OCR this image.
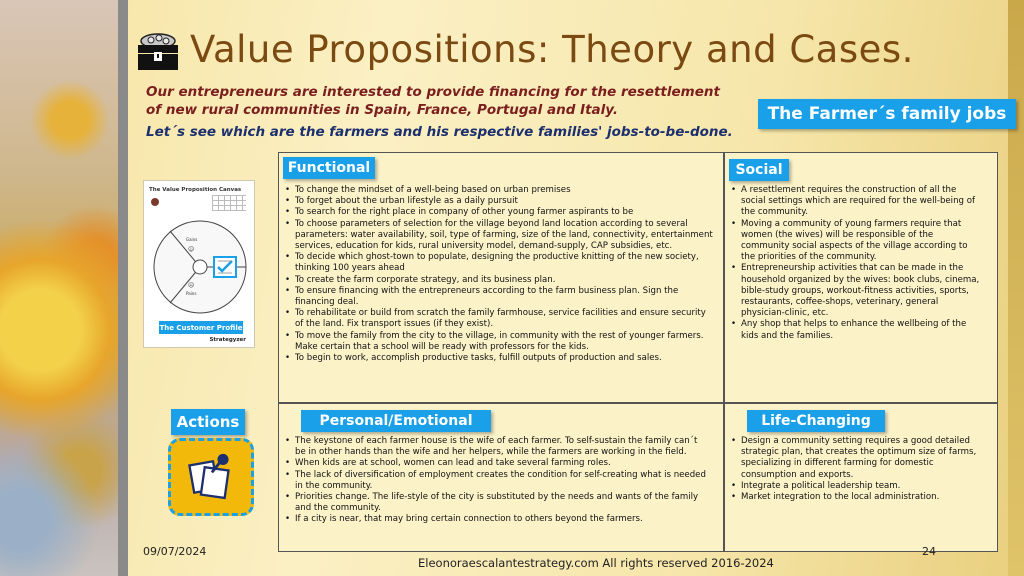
Value Propositions: Theory and Cases.
Our entrepreneurs are interested to provide financing for the resettlement
of new rural communities in Spain, France, Portugal and Italy.
Let´s see which are the farmers and his respective families' jobs-to-be-done.
The Farmer´s family jobs
The Value Proposition Canvas
Gains
Pains
☺
☹
The Customer Profile
Strategyzer
Actions
Functional
• To change the mindset of a well-being based on urban premises
• To forget about the urban lifestyle as a daily pursuit
• To search for the right place in company of other young farmer aspirants to be
• To choose parameters of selection for the village beyond land location according to several parameters: water availability, soil, type of farming, size of the land, connectivity, entertainment services, education for kids, rural university model, demand-supply, CAP subsidies, etc.
• To decide which ghost-town to populate, designing the productive knitting of the new society, thinking 100 years ahead
• To create the farm corporate strategy, and its business plan.
• To ensure financing with the entrepreneurs according to the farm business plan. Sign the financing deal.
• To rehabilitate or build from scratch the family farmhouse, service facilities and ensure security of the land. Fix transport issues (if they exist).
• To move the family from the city to the village, in community with the rest of younger farmers. Make certain that a school will be ready with professors for the kids.
• To begin to work, accomplish productive tasks, fulfill outputs of production and sales.
Social
• A resettlement requires the construction of all the social settings which are required for the well-being of the community.
• Moving a community of young farmers require that women (the wives) will be responsible of the community social aspects of the village according to the priorities of the community.
• Entrepreneurship activities that can be made in the household organized by the wives: book clubs, cinema, bible-study groups, workout-fitness activities, sports, restaurants, coffee-shops, veterinary, general physician-clinic, etc.
• Any shop that helps to enhance the wellbeing of the kids and the families.
Personal/Emotional
• The keystone of each farmer house is the wife of each farmer. To self-sustain the family can´t be in other hands than the wife and her helpers, while the farmers are working in the field.
• When kids are at school, women can lead and take several farming roles.
• The lack of diversification of employment creates the condition for self-creating what is needed in the community.
• Priorities change. The life-style of the city is substituted by the needs and wants of the family and the community.
• If a city is near, that may bring certain connection to others beyond the farmers.
Life-Changing
• Design a community setting requires a good detailed strategic plan, that creates the optimum size of farms, specializing in different farming for domestic consumption and exports.
• Integrate a political leadership team.
• Market integration to the local administration.
09/07/2024	24
Eleonoraescalantestrategy.com All rights reserved 2016-2024
